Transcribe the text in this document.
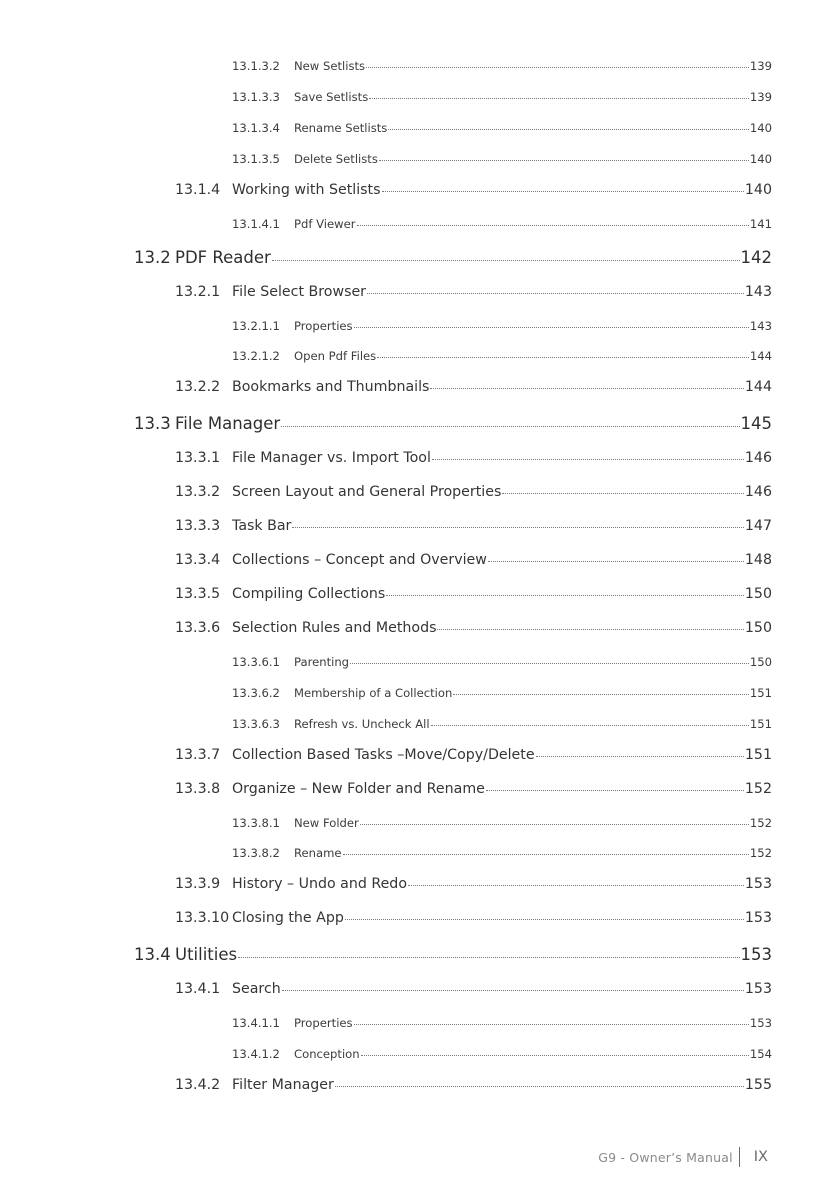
13.1.3.2	New Setlists	139
13.1.3.3	Save Setlists	139
13.1.3.4	Rename Setlists	140
13.1.3.5	Delete Setlists	140
13.1.4 Working with Setlists	140
13.1.4.1	Pdf Viewer	141
13.2 PDF Reader	142
13.2.1 File Select Browser	143
13.2.1.1	Properties	143
13.2.1.2	Open Pdf Files	144
13.2.2 Bookmarks and Thumbnails	144
13.3 File Manager	145
13.3.1 File Manager vs. Import Tool	146
13.3.2 Screen Layout and General Properties	146
13.3.3 Task Bar	147
13.3.4 Collections – Concept and Overview	148
13.3.5 Compiling Collections	150
13.3.6 Selection Rules and Methods	150
13.3.6.1	Parenting	150
13.3.6.2	Membership of a Collection	151
13.3.6.3	Refresh vs. Uncheck All	151
13.3.7 Collection Based Tasks –Move/Copy/Delete	151
13.3.8 Organize – New Folder and Rename	152
13.3.8.1	New Folder	152
13.3.8.2	Rename	152
13.3.9 History – Undo and Redo	153
13.3.10 Closing the App	153
13.4 Utilities	153
13.4.1 Search	153
13.4.1.1	Properties	153
13.4.1.2	Conception	154
13.4.2 Filter Manager	155
G9 - Owner’s Manual IX
